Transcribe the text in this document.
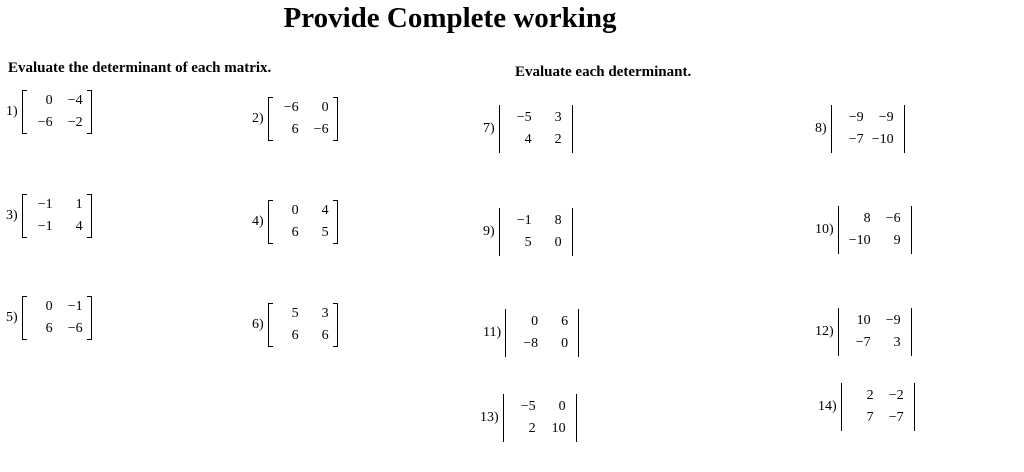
Provide Complete working
Evaluate the determinant of each matrix.	Evaluate each determinant.
1)
0	−4
−6	−2	2)
−6	0
6	−6
3)
−1	1
−1	4	4)
0	4
6	5
5)
0	−1
6	−6	6)
5	3
6	6
7)
−5	3
4	2
8)
−9	−9
−7	−10
9)
−1	8
5	0
10)
8	−6
−10	9
11)
0	6
−8	0
12)
10	−9
−7	3
13)
−5	0
2	10
14)
2	−2
7	−7
